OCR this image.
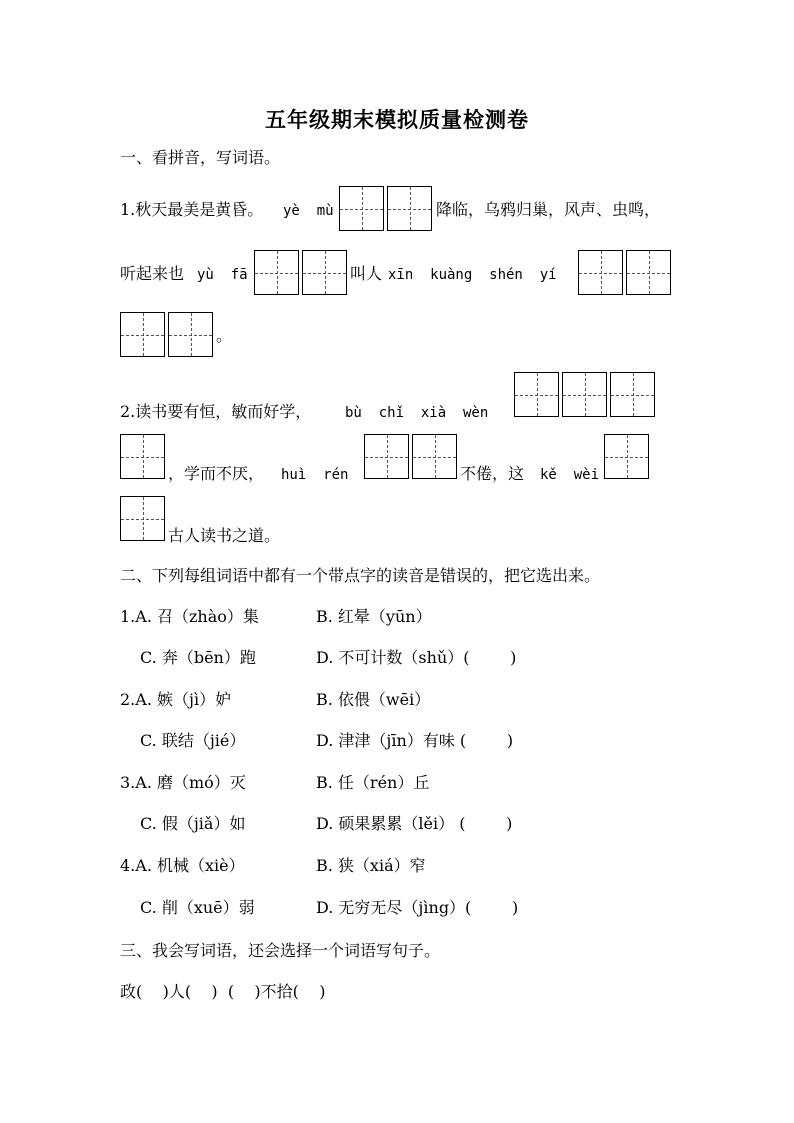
五年级期末模拟质量检测卷
一、看拼音，写词语。
1.秋天最美是黄昏。 yè  mù	降临，乌鸦归巢，风声、虫鸣，
听起来也 yù  fā	叫人 xīn  kuàng  shén  yí
。
2.读书要有恒，敏而好学， bù  chǐ  xià  wèn
，学而不厌， huì  rén	不倦，这 kě  wèi
古人读书之道。
二、下列每组词语中都有一个带点字的读音是错误的，把它选出来。
1.A. 召（zhào）集	B. 红晕（yūn）
C. 奔（bēn）跑	D. 不可计数（shǔ）(        )
2.A. 嫉（jì）妒	B. 依偎（wēi）
C. 联结（jié）	D. 津津（jīn）有味 (        )
3.A. 磨（mó）灭	B. 任（rén）丘
C. 假（jiǎ）如	D. 硕果累累（lěi） (        )
4.A. 机械（xiè）	B. 狭（xiá）窄
C. 削（xuē）弱	D. 无穷无尽（jìng）(        )
三、我会写词语，还会选择一个词语写句子。
政(    )人(    )  (    )不拾(    )
